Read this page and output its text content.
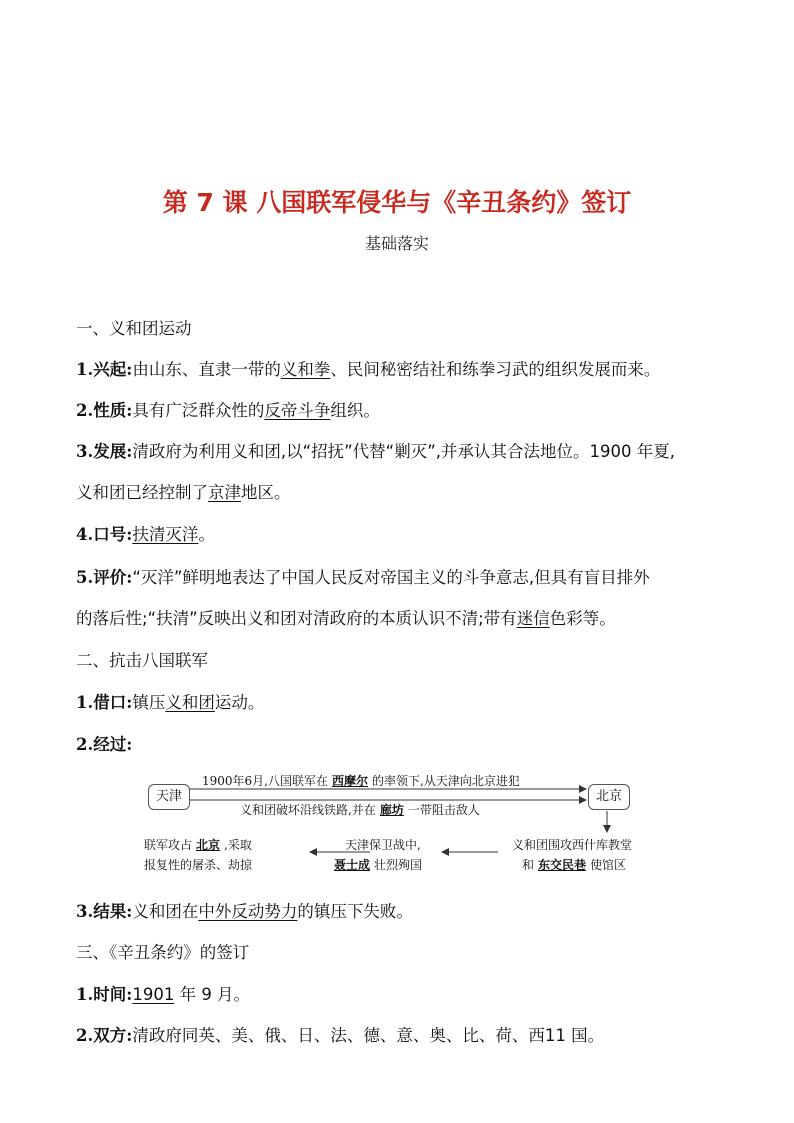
第 7 课 八国联军侵华与《辛丑条约》签订
基础落实
一、义和团运动
1.兴起:由山东、直隶一带的义和拳、民间秘密结社和练拳习武的组织发展而来。
2.性质:具有广泛群众性的反帝斗争组织。
3.发展:清政府为利用义和团,以“招抚”代替“剿灭”,并承认其合法地位。1900 年夏,
义和团已经控制了京津地区。
4.口号:扶清灭洋。
5.评价:“灭洋”鲜明地表达了中国人民反对帝国主义的斗争意志,但具有盲目排外
的落后性;“扶清”反映出义和团对清政府的本质认识不清;带有迷信色彩等。
二、抗击八国联军
1.借口:镇压义和团运动。
2.经过:
天津	北京
1900年6月,八国联军在 西摩尔 的率领下,从天津向北京进犯
义和团破坏沿线铁路,并在 廊坊 一带阻击敌人
义和团围攻西什库教堂
和 东交民巷 使馆区
天津保卫战中,
聂士成 壮烈殉国
联军攻占 北京 ,采取
报复性的屠杀、劫掠
3.结果:义和团在中外反动势力的镇压下失败。
三、《辛丑条约》的签订
1.时间:1901 年 9 月。
2.双方:清政府同英、美、俄、日、法、德、意、奥、比、荷、西11 国。
